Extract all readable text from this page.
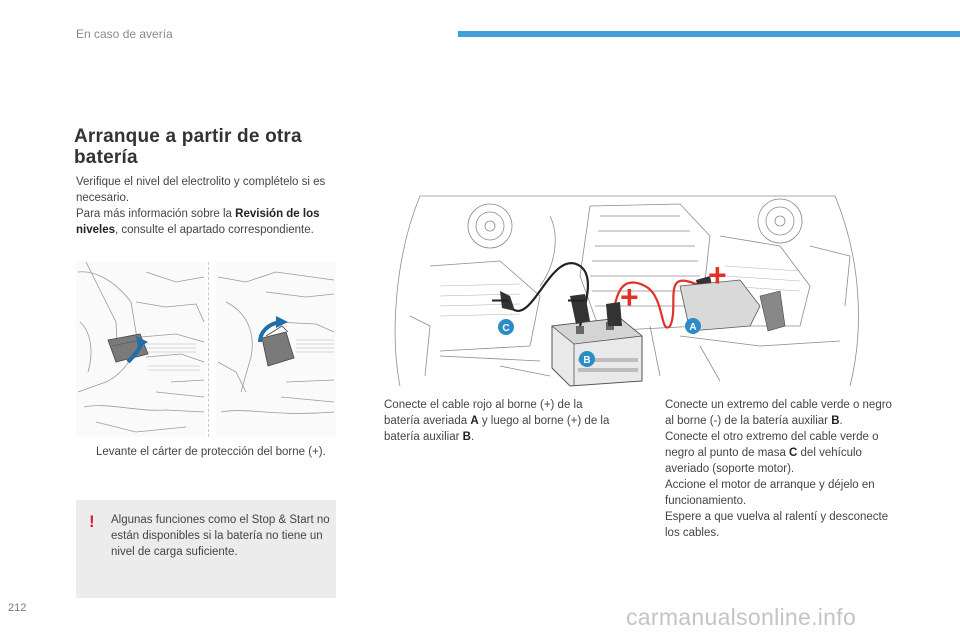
En caso de avería
Arranque a partir de otra
batería

Verifique el nivel del electrolito y complételo si es necesario.

Para más información sobre la Revisión de los niveles, consulte el apartado correspondiente.

– – +
+
C
B
A
Levante el cárter de protección del borne (+).
Conecte el cable rojo al borne (+) de la batería averiada A y luego al borne (+) de la batería auxiliar B.
Conecte un extremo del cable verde o negro al borne (-) de la batería auxiliar B.
Conecte el otro extremo del cable verde o negro al punto de masa C del vehículo averiado (soporte motor).
Accione el motor de arranque y déjelo en funcionamiento.
Espere a que vuelva al ralentí y desconecte los cables.
! Algunas funciones como el Stop & Start no están disponibles si la batería no tiene un nivel de carga suficiente.
212	carmanualsonline.info
